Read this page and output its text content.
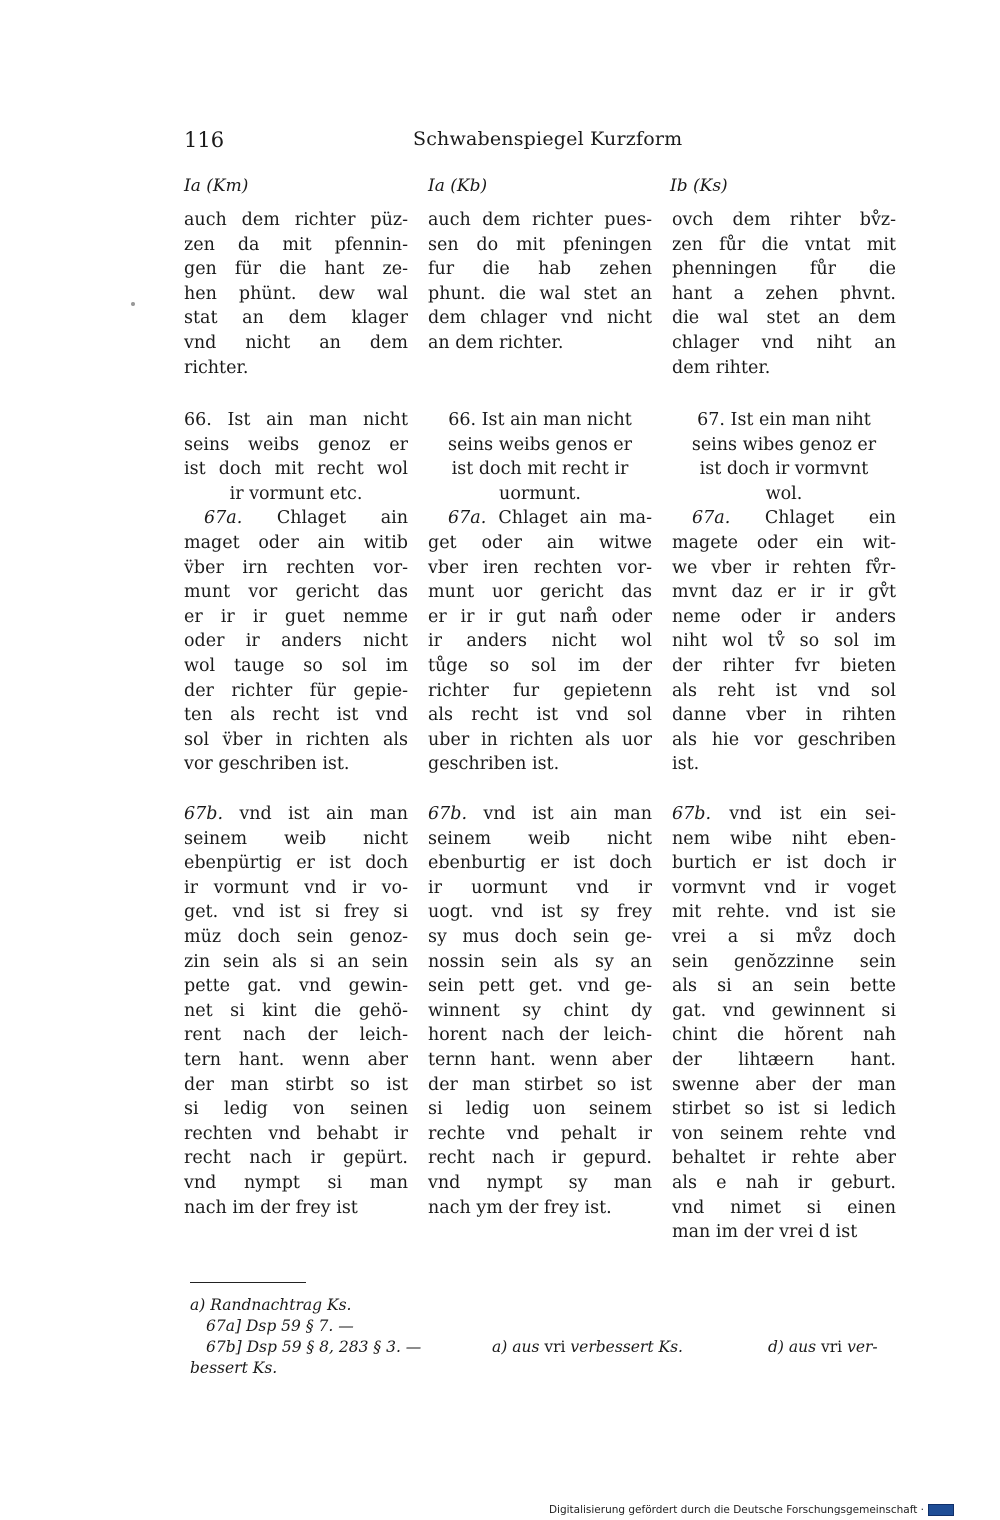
116	Schwabenspiegel Kurzform
Ia (Km)	Ia (Kb)	Ib (Ks)
auch dem richter püz-
zen da mit pfennin-
gen für die hant ze-
hen phünt. dew wal
stat an dem klager
vnd nicht an dem
richter.
66. Ist ain man nicht
seins weibs genoz er
ist doch mit recht wol
ir vormunt etc.
67a. Chlaget ain
maget oder ain witib
v̈ber irn rechten vor-
munt vor gericht das
er ir ir guet nemme
oder ir anders nicht
wol tauge so sol im
der richter für gepie-
ten als recht ist vnd
sol v̈ber in richten als
vor geschriben ist.
67b. vnd ist ain man
seinem weib nicht
ebenpürtig er ist doch
ir vormunt vnd ir vo-
get. vnd ist si frey si
müz doch sein genoz-
zin sein als si an sein
pette gat. vnd gewin-
net si kint die gehö-
rent nach der leich-
tern hant. wenn aber
der man stirbt so ist
si ledig von seinen
rechten vnd behabt ir
recht nach ir gepürt.
vnd nympt si man
nach im der frey ist
auch dem richter pues-
sen do mit pfeningen
fur die hab zehen
phunt. die wal stet an
dem chlager vnd nicht
an dem richter.
66. Ist ain man nicht
seins weibs genos er
ist doch mit recht ir
uormunt.
67a. Chlaget ain ma-
get oder ain witwe
vber iren rechten vor-
munt uor gericht das
er ir ir gut nam̊ oder
ir anders nicht wol
tůge so sol im der
richter fur gepietenn
als recht ist vnd sol
uber in richten als uor
geschriben ist.
67b. vnd ist ain man
seinem weib nicht
ebenburtig er ist doch
ir uormunt vnd ir
uogt. vnd ist sy frey
sy mus doch sein ge-
nossin sein als sy an
sein pett get. vnd ge-
winnent sy chint dy
horent nach der leich-
ternn hant. wenn aber
der man stirbet so ist
si ledig uon seinem
rechte vnd pehalt ir
recht nach ir gepurd.
vnd nympt sy man
nach ym der frey ist.
ovch dem rihter bv̊z-
zen fůr die vntat mit
phenningen fůr die
hant a zehen phvnt.
die wal stet an dem
chlager vnd niht an
dem rihter.
67. Ist ein man niht
seins wibes genoz er
ist doch ir vormvnt
wol.
67a. Chlaget ein
magete oder ein wit-
we vber ir rehten fv̊r-
mvnt daz er ir ir gv̊t
neme oder ir anders
niht wol tv̊ so sol im
der rihter fvr bieten
als reht ist vnd sol
danne vber in rihten
als hie vor geschriben
ist.
67b. vnd ist ein sei-
nem wibe niht eben-
burtich er ist doch ir
vormvnt vnd ir voget
mit rehte. vnd ist sie
vrei a si mv̊z doch
sein genŏzzinne sein
als si an sein bette
gat. vnd gewinnent si
chint die hŏrent nah
der lihtæern hant.
swenne aber der man
stirbet so ist si ledich
von seinem rehte vnd
behaltet ir rehte aber
als e nah ir geburt.
vnd nimet si einen
man im der vrei d ist
a) Randnachtrag Ks.
67a] Dsp 59 § 7. —
67b] Dsp 59 § 8, 283 § 3. —	a) aus vri verbessert Ks.	d) aus vri ver-
bessert Ks.
Digitalisierung gefördert durch die Deutsche Forschungsgemeinschaft ·
